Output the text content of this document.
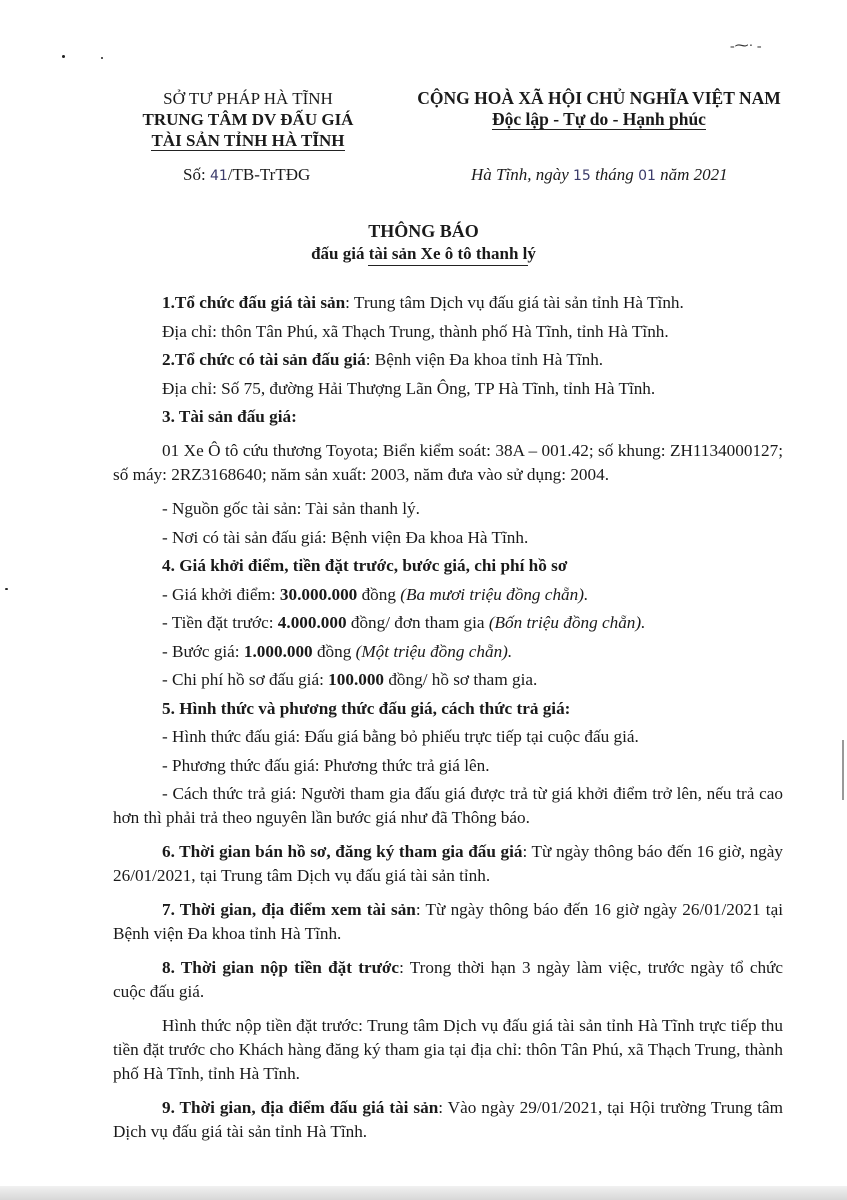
-⁓· ‑
SỞ TƯ PHÁP HÀ TĨNH
TRUNG TÂM DV ĐẤU GIÁ
TÀI SẢN TỈNH HÀ TĨNH
CỘNG HOÀ XÃ HỘI CHỦ NGHĨA VIỆT NAM
Độc lập - Tự do - Hạnh phúc
Số: 41/TB-TrTĐG	Hà Tĩnh, ngày 15 tháng 01 năm 2021
THÔNG BÁO
đấu giá tài sản Xe ô tô thanh lý

1.Tổ chức đấu giá tài sản: Trung tâm Dịch vụ đấu giá tài sản tỉnh Hà Tĩnh.

Địa chỉ: thôn Tân Phú, xã Thạch Trung, thành phố Hà Tĩnh, tỉnh Hà Tĩnh.

2.Tổ chức có tài sản đấu giá: Bệnh viện Đa khoa tỉnh Hà Tĩnh.

Địa chỉ: Số 75, đường Hải Thượng Lãn Ông, TP Hà Tĩnh, tỉnh Hà Tĩnh.

3. Tài sản đấu giá:

01 Xe Ô tô cứu thương Toyota; Biển kiểm soát: 38A – 001.42; số khung: ZH1134000127; số máy: 2RZ3168640; năm sản xuất: 2003, năm đưa vào sử dụng: 2004.

- Nguồn gốc tài sản: Tài sản thanh lý.

- Nơi có tài sản đấu giá: Bệnh viện Đa khoa Hà Tĩnh.

4. Giá khởi điểm, tiền đặt trước, bước giá, chi phí hồ sơ

- Giá khởi điểm: 30.000.000 đồng (Ba mươi triệu đồng chẵn).

- Tiền đặt trước: 4.000.000 đồng/ đơn tham gia (Bốn triệu đồng chẵn).

- Bước giá: 1.000.000 đồng (Một triệu đồng chẵn).

- Chi phí hồ sơ đấu giá: 100.000 đồng/ hồ sơ tham gia.

5. Hình thức và phương thức đấu giá, cách thức trả giá:

- Hình thức đấu giá: Đấu giá bằng bỏ phiếu trực tiếp tại cuộc đấu giá.

- Phương thức đấu giá: Phương thức trả giá lên.

- Cách thức trả giá: Người tham gia đấu giá được trả từ giá khởi điểm trở lên, nếu trả cao hơn thì phải trả theo nguyên lần bước giá như đã Thông báo.

6. Thời gian bán hồ sơ, đăng ký tham gia đấu giá: Từ ngày thông báo đến 16 giờ, ngày 26/01/2021, tại Trung tâm Dịch vụ đấu giá tài sản tỉnh.

7. Thời gian, địa điểm xem tài sản: Từ ngày thông báo đến 16 giờ ngày 26/01/2021 tại Bệnh viện Đa khoa tỉnh Hà Tĩnh.

8. Thời gian nộp tiền đặt trước: Trong thời hạn 3 ngày làm việc, trước ngày tổ chức cuộc đấu giá.

Hình thức nộp tiền đặt trước: Trung tâm Dịch vụ đấu giá tài sản tỉnh Hà Tĩnh trực tiếp thu tiền đặt trước cho Khách hàng đăng ký tham gia tại địa chỉ: thôn Tân Phú, xã Thạch Trung, thành phố Hà Tĩnh, tỉnh Hà Tĩnh.

9. Thời gian, địa điểm đấu giá tài sản: Vào ngày 29/01/2021, tại Hội trường Trung tâm Dịch vụ đấu giá tài sản tỉnh Hà Tĩnh.
